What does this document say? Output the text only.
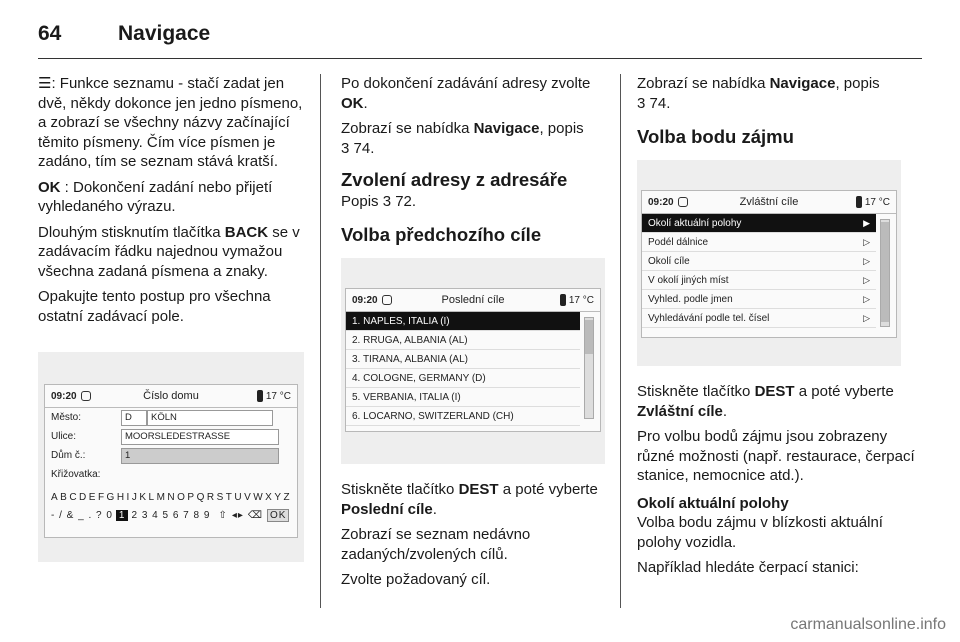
64	Navigace

☰: Funkce seznamu - stačí zadat jen dvě, někdy dokonce jen jedno písmeno, a zobrazí se všechny názvy začínající těmito písmeny. Čím více písmen je zadáno, tím se seznam stává kratší.

OK : Dokončení zadání nebo přijetí vyhledaného výrazu.

Dlouhým stisknutím tlačítka BACK se v zadávacím řádku najednou vymažou všechna zadaná písmena a znaky.

Opakujte tento postup pro všechna ostatní zadávací pole.

09:20	Číslo domu	17 °C
Město:	D	KÖLN
Ulice:	MOORSLEDESTRASSE
Dům č.:	1
Křižovatka:
ABCDEFGHIJKLMNOPQRSTUVWXYZ
- / & _ . ? 0 1 2 3 4 5 6 7 8 9 ⇧ ◂▸ ⌫ OK

Po dokončení zadávání adresy zvolte OK.

Zobrazí se nabídka Navigace, popis
3 74.

Zvolení adresy z adresáře

Popis 3 72.

Volba předchozího cíle
09:20	Poslední cíle	17 °C
1. NAPLES, ITALIA (I)
2. RRUGA, ALBANIA (AL)
3. TIRANA, ALBANIA (AL)
4. COLOGNE, GERMANY (D)
5. VERBANIA, ITALIA (I)
6. LOCARNO, SWITZERLAND (CH)

Stiskněte tlačítko DEST a poté vyberte Poslední cíle.

Zobrazí se seznam nedávno zadaných/zvolených cílů.

Zvolte požadovaný cíl.

Zobrazí se nabídka Navigace, popis
3 74.

Volba bodu zájmu
09:20	Zvláštní cíle	17 °C
Okolí aktuální polohy	▶
Podél dálnice	▷
Okolí cíle	▷
V okolí jiných míst	▷
Vyhled. podle jmen	▷
Vyhledávání podle tel. čísel	▷

Stiskněte tlačítko DEST a poté vyberte Zvláštní cíle.

Pro volbu bodů zájmu jsou zobrazeny různé možnosti (např. restaurace, čerpací stanice, nemocnice atd.).

Okolí aktuální polohy

Volba bodu zájmu v blízkosti aktuální polohy vozidla.

Například hledáte čerpací stanici:

carmanualsonline.info
